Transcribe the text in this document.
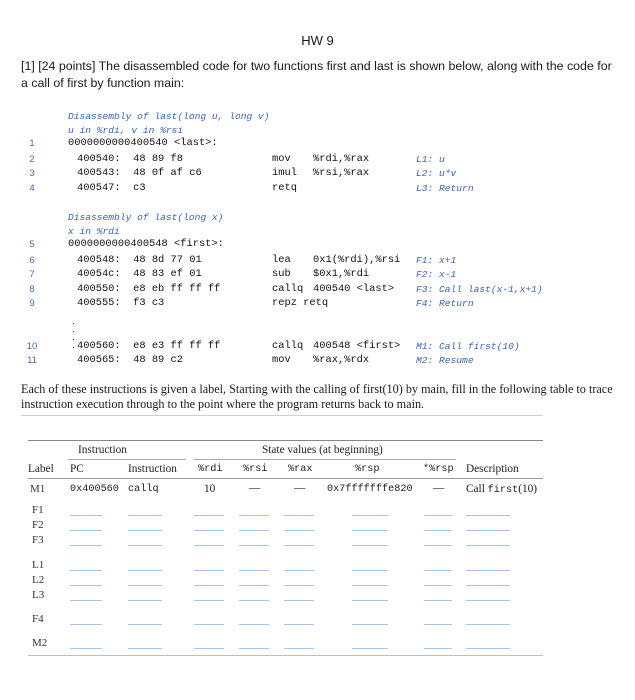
HW 9
[1] [24 points] The disassembled code for two functions first and last is shown below, along with the code for a call of first by function main:
Disassembly of last(long u, long v)
u in %rdi, v in %rsi
1	0000000000400540 <last>:
2	400540:  48 89 f8	mov %rdi,%rax	L1: u
3	400543:  48 0f af c6	imul %rsi,%rax	L2: u*v
4	400547:  c3	retq	L3: Return
5	0000000000400548 <first>:
6	400548:  48 8d 77 01	lea 0x1(%rdi),%rsi F1: x+1
7	40054c:  48 83 ef 01	sub $0x1,%rdi	F2: x-1
8	400550:  e8 eb ff ff ff	callq 400540 <last> F3: Call last(x-1,x+1)
9	400555:  f3 c3	repz retq	F4: Return
10	400560:  e8 e3 ff ff ff	callq 400548 <first> M1: Call first(10)
11	400565:  48 89 c2	mov %rax,%rdx	M2: Resume
Disassembly of last(long x)
x in %rdi
.
.
.
.
Each of these instructions is given a label, Starting with the calling of first(10) by main, fill in the following table to trace instruction execution through to the point where the program returns back to main.
Instruction	State values (at beginning)
Label PC	Instruction %rdi %rsi %rax	%rsp	*%rsp Description
M1 0x400560 callq	10	—	— 0x7fffffffe820 — Call first(10)
F1
F2
F3
L1
L2
L3
F4
M2
